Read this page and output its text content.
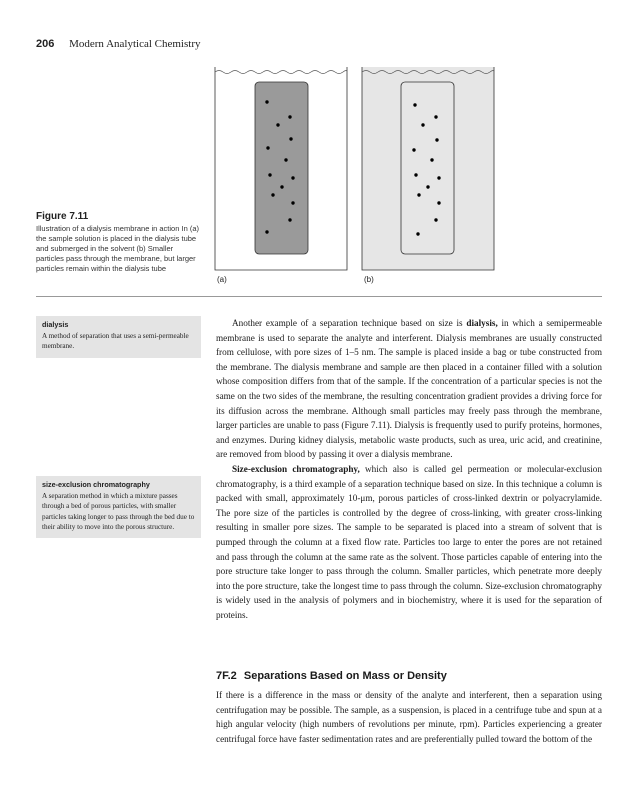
206 Modern Analytical Chemistry
(a)	(b)
Figure 7.11
Illustration of a dialysis membrane in action In (a) the sample solution is placed in the dialysis tube and submerged in the solvent (b) Smaller particles pass through the membrane, but larger particles remain within the dialysis tube
dialysis
A method of separation that uses a semi-permeable membrane.
size-exclusion chromatography
A separation method in which a mixture passes through a bed of porous particles, with smaller particles taking longer to pass through the bed due to their ability to move into the porous structure.

Another example of a separation technique based on size is dialysis, in which a semipermeable membrane is used to separate the analyte and interferent. Dialysis membranes are usually constructed from cellulose, with pore sizes of 1–5 nm. The sample is placed inside a bag or tube constructed from the membrane. The dialysis membrane and sample are then placed in a container filled with a solution whose composition differs from that of the sample. If the concentration of a particular species is not the same on the two sides of the membrane, the resulting concentration gradient provides a driving force for its diffusion across the membrane. Although small particles may freely pass through the membrane, larger particles are unable to pass (Figure 7.11). Dialysis is frequently used to purify proteins, hormones, and enzymes. During kidney dialysis, metabolic waste products, such as urea, uric acid, and creatinine, are removed from blood by passing it over a dialysis membrane.

Size-exclusion chromatography, which also is called gel permeation or molecular-exclusion chromatography, is a third example of a separation technique based on size. In this technique a column is packed with small, approximately 10-μm, porous particles of cross-linked dextrin or polyacrylamide. The pore size of the particles is controlled by the degree of cross-linking, with greater cross-linking resulting in smaller pore sizes. The sample to be separated is placed into a stream of solvent that is pumped through the column at a fixed flow rate. Particles too large to enter the pores are not retained and pass through the column at the same rate as the solvent. Those particles capable of entering into the pore structure take longer to pass through the column. Smaller particles, which penetrate more deeply into the pore structure, take the longest time to pass through the column. Size-exclusion chromatography is widely used in the analysis of polymers and in biochemistry, where it is used for the separation of proteins.

7F.2 Separations Based on Mass or Density

If there is a difference in the mass or density of the analyte and interferent, then a separation using centrifugation may be possible. The sample, as a suspension, is placed in a centrifuge tube and spun at a high angular velocity (high numbers of revolutions per minute, rpm). Particles experiencing a greater centrifugal force have faster sedimentation rates and are preferentially pulled toward the bottom of the
